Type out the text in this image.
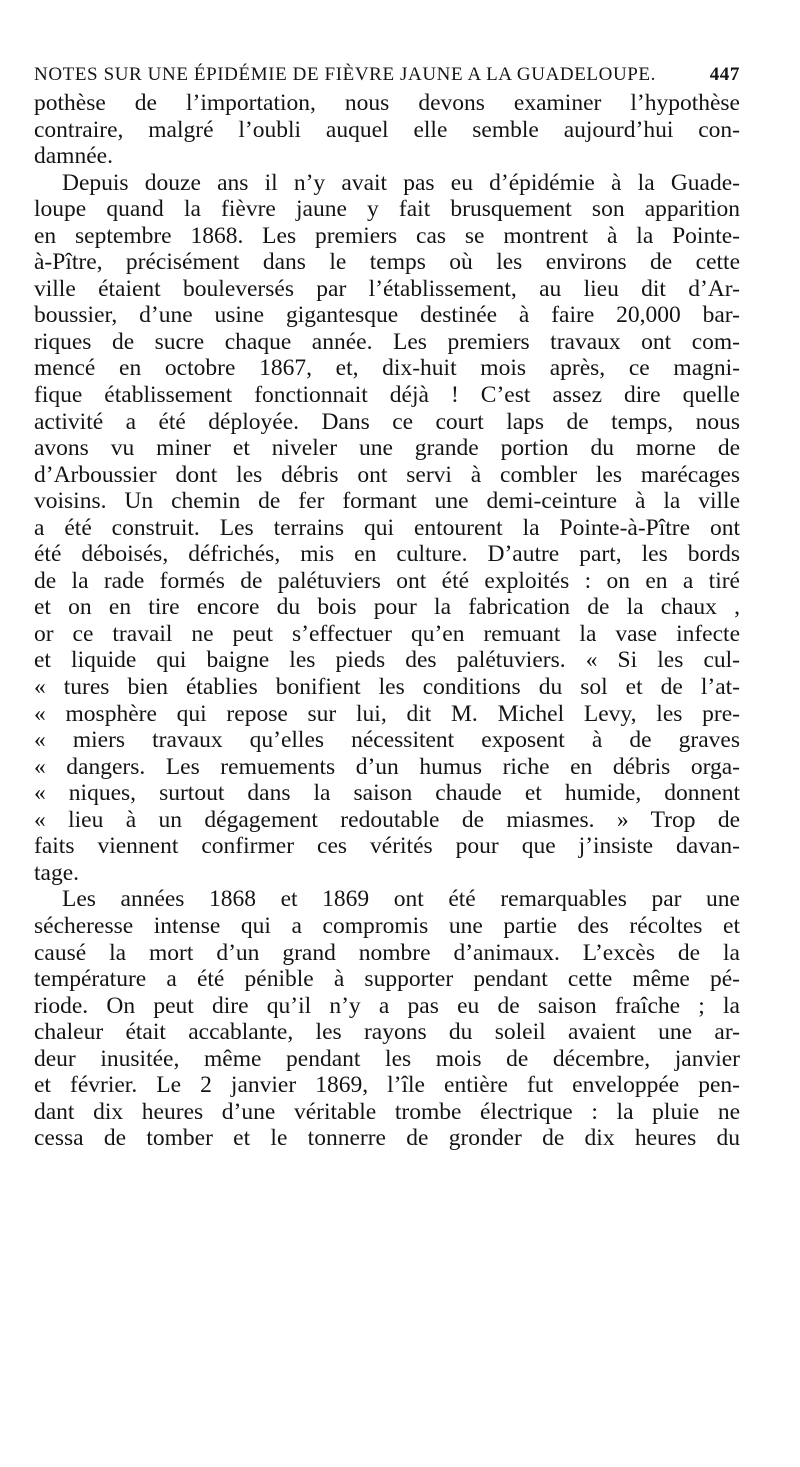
NOTES SUR UNE ÉPIDÉMIE DE FIÈVRE JAUNE A LA GUADELOUPE.	447
pothèse de l’importation, nous devons examiner l’hypothèse
contraire, malgré l’oubli auquel elle semble aujourd’hui con-
damnée.
Depuis douze ans il n’y avait pas eu d’épidémie à la Guade-
loupe quand la fièvre jaune y fait brusquement son apparition
en septembre 1868. Les premiers cas se montrent à la Pointe-
à-Pître, précisément dans le temps où les environs de cette
ville étaient bouleversés par l’établissement, au lieu dit d’Ar-
boussier, d’une usine gigantesque destinée à faire 20,000 bar-
riques de sucre chaque année. Les premiers travaux ont com-
mencé en octobre 1867, et, dix-huit mois après, ce magni-
fique établissement fonctionnait déjà ! C’est assez dire quelle
activité a été déployée. Dans ce court laps de temps, nous
avons vu miner et niveler une grande portion du morne de
d’Arboussier dont les débris ont servi à combler les marécages
voisins. Un chemin de fer formant une demi-ceinture à la ville
a été construit. Les terrains qui entourent la Pointe-à-Pître ont
été déboisés, défrichés, mis en culture. D’autre part, les bords
de la rade formés de palétuviers ont été exploités : on en a tiré
et on en tire encore du bois pour la fabrication de la chaux ,
or ce travail ne peut s’effectuer qu’en remuant la vase infecte
et liquide qui baigne les pieds des palétuviers. « Si les cul-
« tures bien établies bonifient les conditions du sol et de l’at-
« mosphère qui repose sur lui, dit M. Michel Levy, les pre-
« miers travaux qu’elles nécessitent exposent à de graves
« dangers. Les remuements d’un humus riche en débris orga-
« niques, surtout dans la saison chaude et humide, donnent
« lieu à un dégagement redoutable de miasmes. » Trop de
faits viennent confirmer ces vérités pour que j’insiste davan-
tage.
Les années 1868 et 1869 ont été remarquables par une
sécheresse intense qui a compromis une partie des récoltes et
causé la mort d’un grand nombre d’animaux. L’excès de la
température a été pénible à supporter pendant cette même pé-
riode. On peut dire qu’il n’y a pas eu de saison fraîche ; la
chaleur était accablante, les rayons du soleil avaient une ar-
deur inusitée, même pendant les mois de décembre, janvier
et février. Le 2 janvier 1869, l’île entière fut enveloppée pen-
dant dix heures d’une véritable trombe électrique : la pluie ne
cessa de tomber et le tonnerre de gronder de dix heures du
